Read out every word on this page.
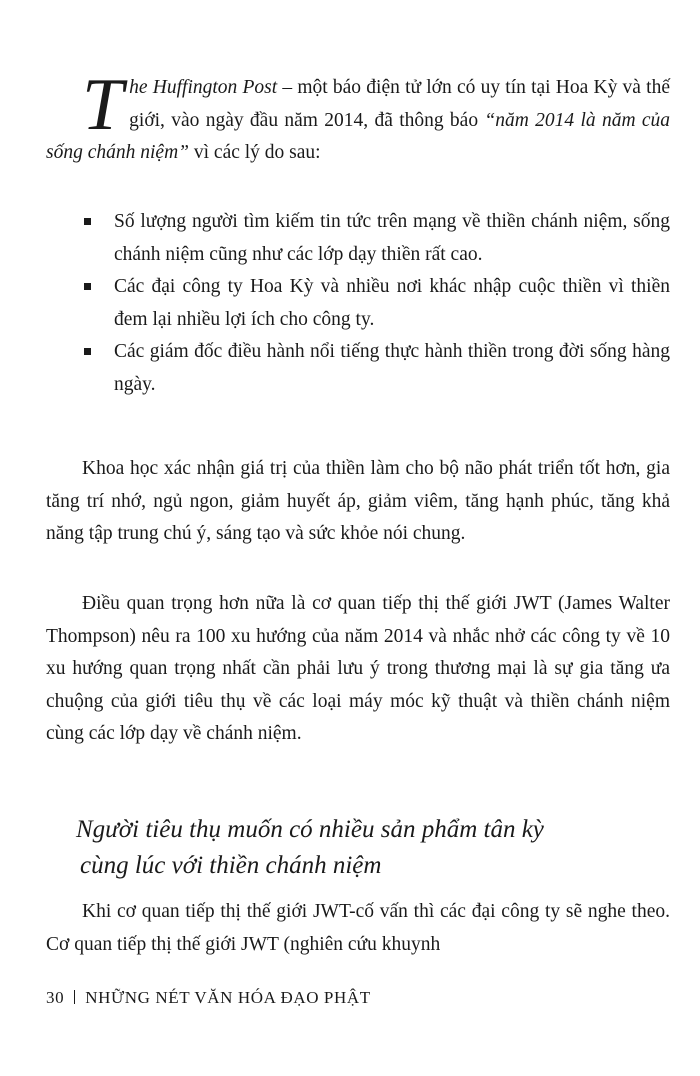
The Huffington Post – một báo điện tử lớn có uy tín tại Hoa Kỳ và thế giới, vào ngày đầu năm 2014, đã thông báo “năm 2014 là năm của sống chánh niệm” vì các lý do sau:
Số lượng người tìm kiếm tin tức trên mạng về thiền chánh niệm, sống chánh niệm cũng như các lớp dạy thiền rất cao.
Các đại công ty Hoa Kỳ và nhiều nơi khác nhập cuộc thiền vì thiền đem lại nhiều lợi ích cho công ty.
Các giám đốc điều hành nổi tiếng thực hành thiền trong đời sống hàng ngày.
Khoa học xác nhận giá trị của thiền làm cho bộ não phát triển tốt hơn, gia tăng trí nhớ, ngủ ngon, giảm huyết áp, giảm viêm, tăng hạnh phúc, tăng khả năng tập trung chú ý, sáng tạo và sức khỏe nói chung.
Điều quan trọng hơn nữa là cơ quan tiếp thị thế giới JWT (James Walter Thompson) nêu ra 100 xu hướng của năm 2014 và nhắc nhở các công ty về 10 xu hướng quan trọng nhất cần phải lưu ý trong thương mại là sự gia tăng ưa chuộng của giới tiêu thụ về các loại máy móc kỹ thuật và thiền chánh niệm cùng các lớp dạy về chánh niệm.
Người tiêu thụ muốn có nhiều sản phẩm tân kỳ
cùng lúc với thiền chánh niệm
Khi cơ quan tiếp thị thế giới JWT-cố vấn thì các đại công ty sẽ nghe theo. Cơ quan tiếp thị thế giới JWT (nghiên cứu khuynh
30 NHỮNG NÉT VĂN HÓA ĐẠO PHẬT
